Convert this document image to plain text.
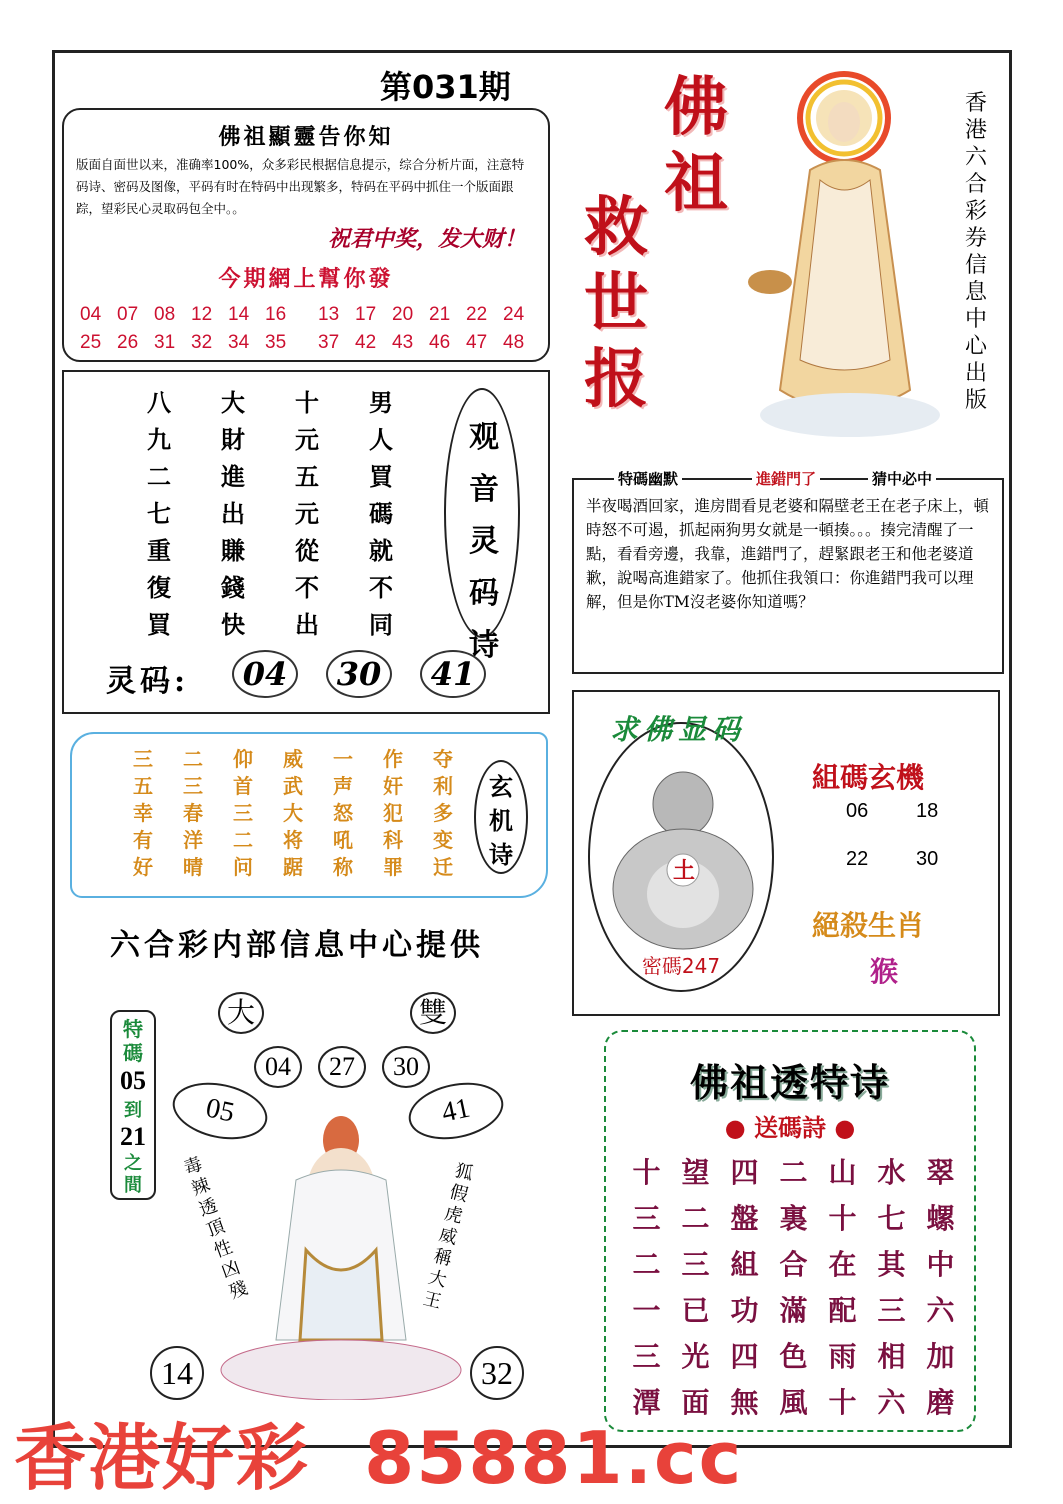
第031期
佛祖顯靈告你知
版面自面世以来，准确率100%，众多彩民根据信息提示，综合分析片面，注意特码诗、密码及图像，平码有时在特码中出现繁多，特码在平码中抓住一个版面跟踪，望彩民心灵取码包全中。。
祝君中奖，发大财！
今期網上幫你發
04 07 08 12 14 16 13 17 20 21 22 24
25 26 31 32 34 35 37 42 43 46 47 48
佛祖
救世报
香港六合彩券信息中心出版
八	大	十	男
九	財	元	人
二	進	五	買
七	出	元	碼
重	賺	從	就
復	錢	不	不
買	快	出	同
观音灵码诗
灵码:	04	30	41
特碼幽默	進錯門了	猜中必中
半夜喝酒回家，進房間看見老婆和隔壁老王在老子床上，頓時怒不可遏，抓起兩狗男女就是一頓揍。。。揍完清醒了一點，看看旁邊，我靠，進錯門了，趕緊跟老王和他老婆道歉，說喝高進錯家了。他抓住我領口：你進錯門我可以理解，但是你TM沒老婆你知道嗎？
三	二	仰	威	一	作	夺
五	三	首	武	声	奸	利
幸	春	三	大	怒	犯	多
有	洋	二	将	吼	科	变
好	晴	问	踞	称	罪	迁
玄机诗
土
密碼247
求佛显码
組碼玄機
06 18
22 30
絕殺生肖
猴
六合彩内部信息中心提供
大	雙
04	27	30
05	41
特碼
05
到
21
之間
毒辣透頂性凶殘
狐假虎威稱大王
14	32
佛祖透特诗
● 送碼詩 ●
十 望 四 二 山 水 翠
三 二 盤 裏 十 七 螺
二 三 組 合 在 其 中
一 已 功 滿 配 三 六
三 光 四 色 雨 相 加
潭 面 無 風 十 六 磨
香港好彩  85881.cc
